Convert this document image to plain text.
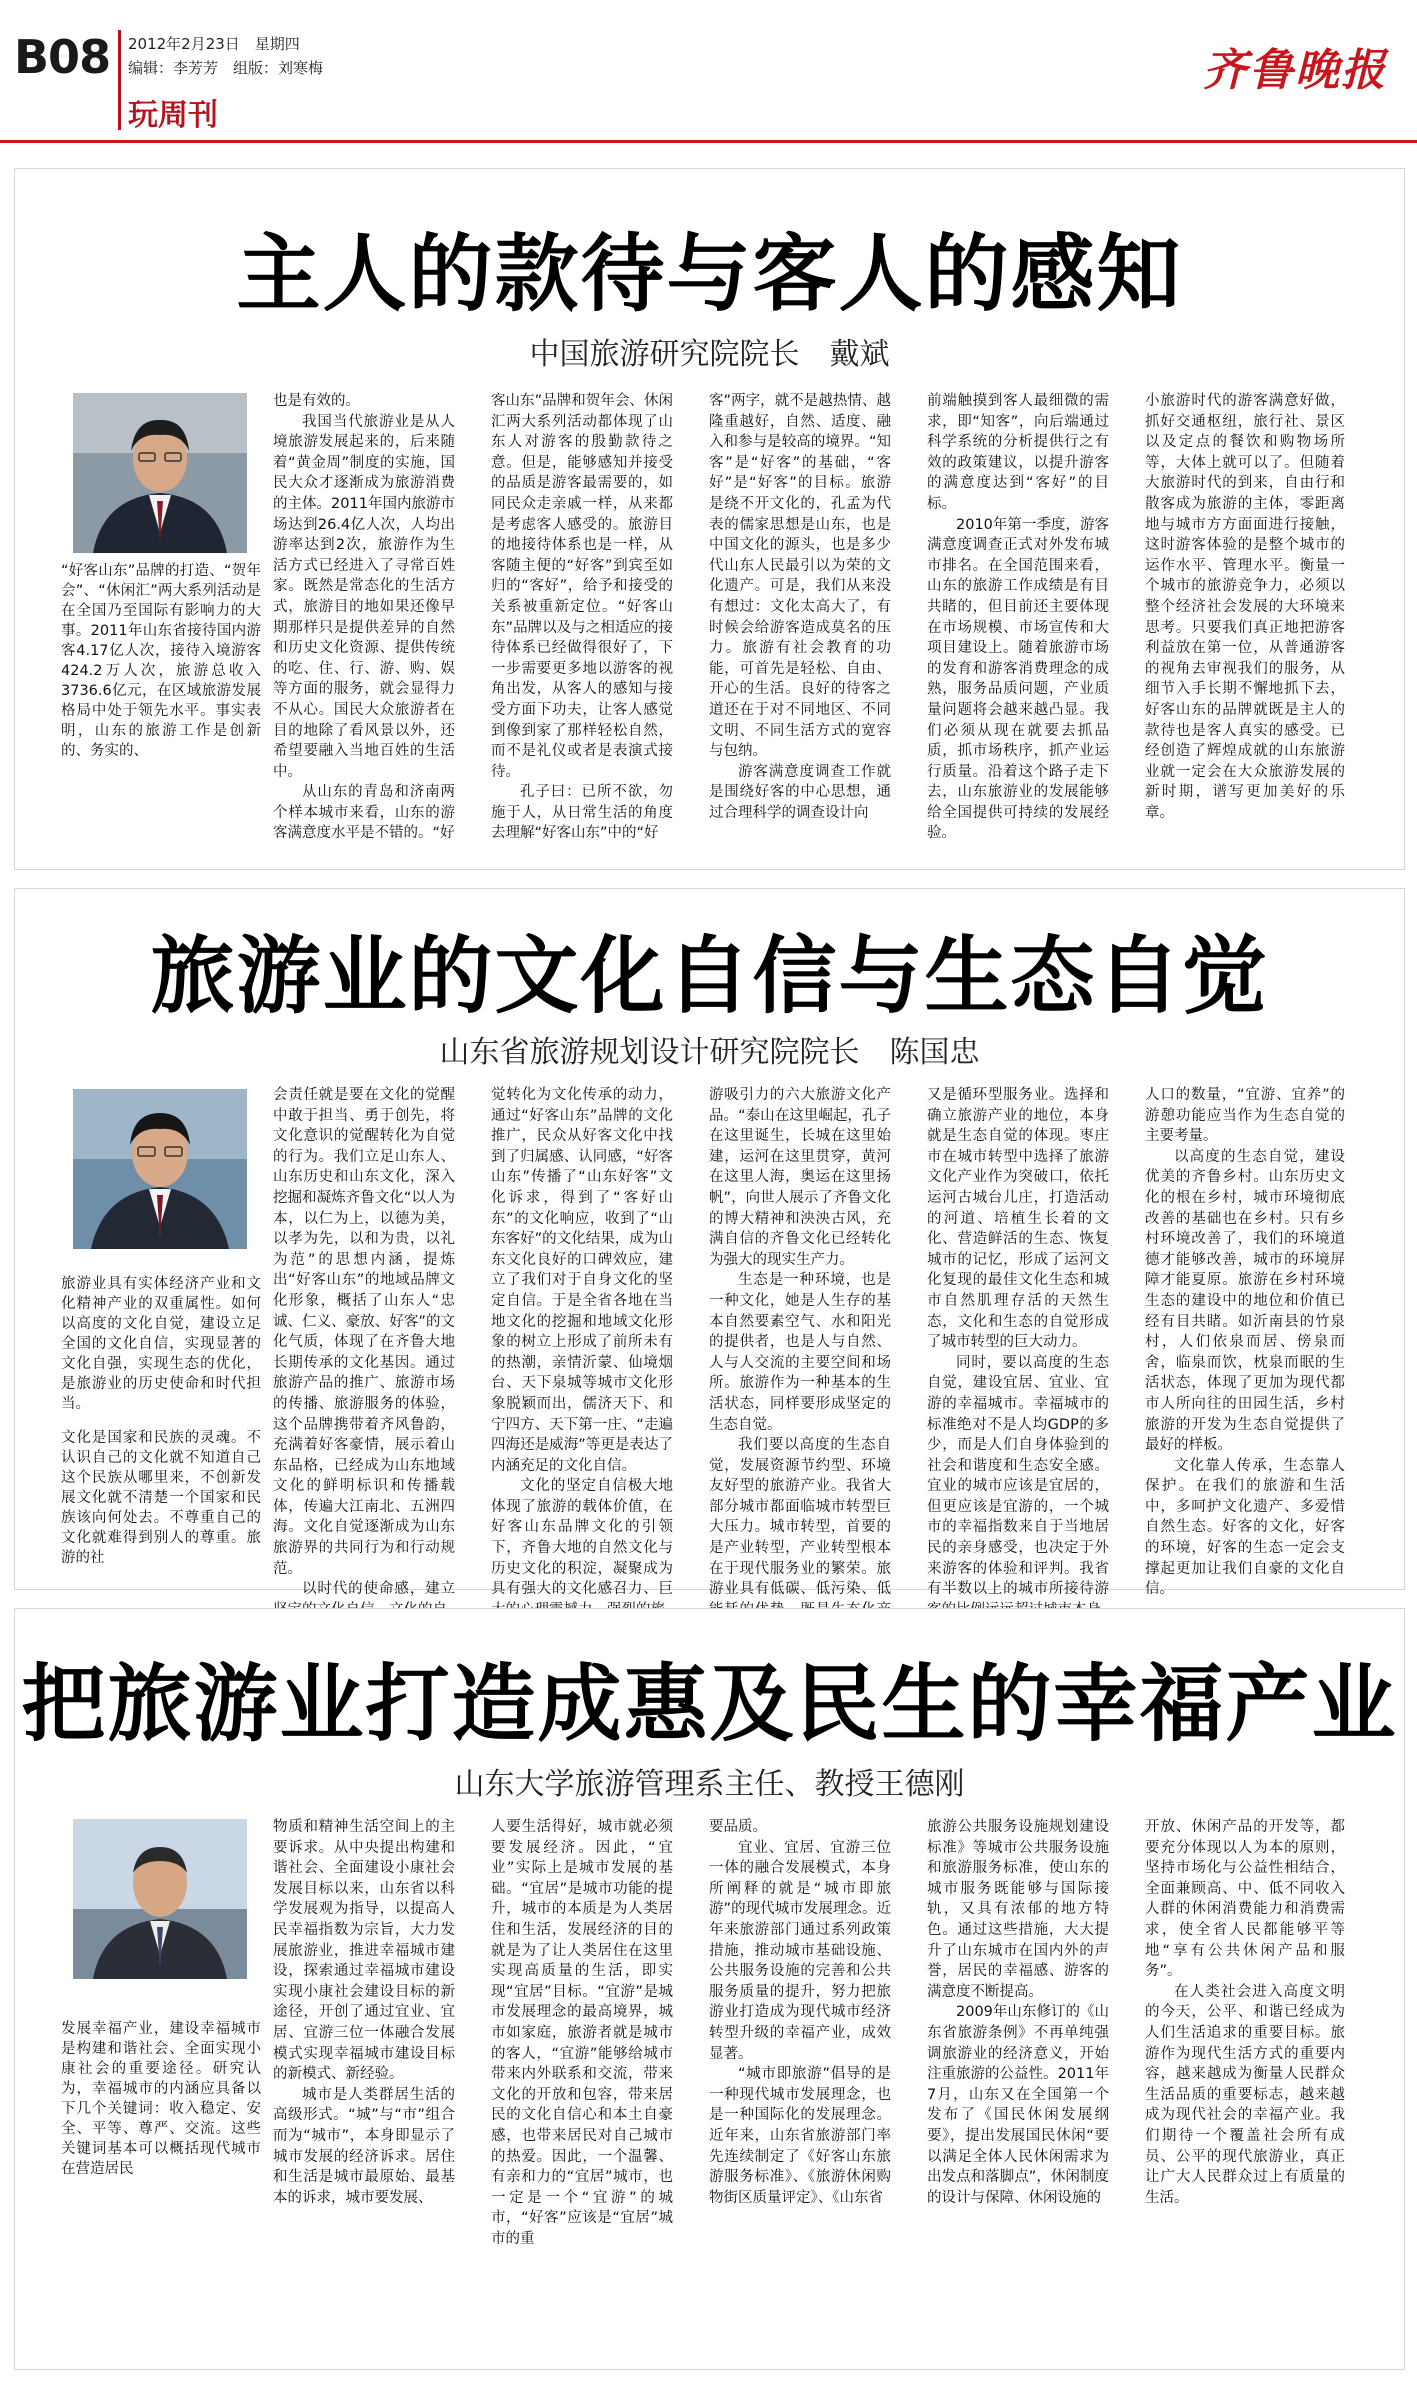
B08 2012年2月23日　星期四
编辑：李芳芳　组版：刘寒梅
玩周刊
齐鲁晚报
主人的款待与客人的感知
中国旅游研究院院长　戴斌
“好客山东”品牌的打造、“贺年会”、“休闲汇”两大系列活动是在全国乃至国际有影响力的大事。2011年山东省接待国内游客4.17亿人次，接待入境游客424.2万人次，旅游总收入3736.6亿元，在区域旅游发展格局中处于领先水平。事实表明，山东的旅游工作是创新的、务实的、

也是有效的。

我国当代旅游业是从人境旅游发展起来的，后来随着“黄金周”制度的实施，国民大众才逐渐成为旅游消费的主体。2011年国内旅游市场达到26.4亿人次，人均出游率达到2次，旅游作为生活方式已经进入了寻常百姓家。既然是常态化的生活方式，旅游目的地如果还像早期那样只是提供差异的自然和历史文化资源、提供传统的吃、住、行、游、购、娱等方面的服务，就会显得力不从心。国民大众旅游者在目的地除了看风景以外，还希望要融入当地百姓的生活中。

从山东的青岛和济南两个样本城市来看，山东的游客满意度水平是不错的。“好

客山东”品牌和贺年会、休闲汇两大系列活动都体现了山东人对游客的殷勤款待之意。但是，能够感知并接受的品质是游客最需要的，如同民众走亲戚一样，从来都是考虑客人感受的。旅游目的地接待体系也是一样，从客随主便的“好客”到宾至如归的“客好”，给予和接受的关系被重新定位。“好客山东”品牌以及与之相适应的接待体系已经做得很好了，下一步需要更多地以游客的视角出发，从客人的感知与接受方面下功夫，让客人感觉到像到家了那样轻松自然，而不是礼仪或者是表演式接待。

孔子曰：已所不欲，勿施于人，从日常生活的角度去理解“好客山东”中的“好

客”两字，就不是越热情、越隆重越好，自然、适度、融入和参与是较高的境界。“知客”是“好客”的基础，“客好”是“好客”的目标。旅游是绕不开文化的，孔孟为代表的儒家思想是山东，也是中国文化的源头，也是多少代山东人民最引以为荣的文化遗产。可是，我们从来没有想过：文化太高大了，有时候会给游客造成莫名的压力。旅游有社会教育的功能，可首先是轻松、自由、开心的生活。良好的待客之道还在于对不同地区、不同文明、不同生活方式的宽容与包纳。

游客满意度调查工作就是围绕好客的中心思想，通过合理科学的调查设计向

前端触摸到客人最细微的需求，即“知客”，向后端通过科学系统的分析提供行之有效的政策建议，以提升游客的满意度达到“客好”的目标。

2010年第一季度，游客满意度调查正式对外发布城市排名。在全国范围来看，山东的旅游工作成绩是有目共睹的，但目前还主要体现在市场规模、市场宣传和大项目建设上。随着旅游市场的发育和游客消费理念的成熟，服务品质问题，产业质量问题将会越来越凸显。我们必须从现在就要去抓品质，抓市场秩序，抓产业运行质量。沿着这个路子走下去，山东旅游业的发展能够给全国提供可持续的发展经验。

小旅游时代的游客满意好做，抓好交通枢纽，旅行社、景区以及定点的餐饮和购物场所等，大体上就可以了。但随着大旅游时代的到来，自由行和散客成为旅游的主体，零距离地与城市方方面面进行接触，这时游客体验的是整个城市的运作水平、管理水平。衡量一个城市的旅游竞争力，必须以整个经济社会发展的大环境来思考。只要我们真正地把游客利益放在第一位，从普通游客的视角去审视我们的服务，从细节入手长期不懈地抓下去，好客山东的品牌就既是主人的款待也是客人真实的感受。已经创造了辉煌成就的山东旅游业就一定会在大众旅游发展的新时期，谱写更加美好的乐章。

旅游业的文化自信与生态自觉
山东省旅游规划设计研究院院长　陈国忠

旅游业具有实体经济产业和文化精神产业的双重属性。如何以高度的文化自觉，建设立足全国的文化自信，实现显著的文化自强，实现生态的优化，是旅游业的历史使命和时代担当。

文化是国家和民族的灵魂。不认识自己的文化就不知道自己这个民族从哪里来，不创新发展文化就不清楚一个国家和民族该向何处去。不尊重自己的文化就难得到别人的尊重。旅游的社

会责任就是要在文化的觉醒中敢于担当、勇于创先，将文化意识的觉醒转化为自觉的行为。我们立足山东人、山东历史和山东文化，深入挖掘和凝炼齐鲁文化“以人为本，以仁为上，以德为美，以孝为先，以和为贵，以礼为范”的思想内涵，提炼出“好客山东”的地域品牌文化形象，概括了山东人“忠诚、仁义、豪放、好客”的文化气质，体现了在齐鲁大地长期传承的文化基因。通过旅游产品的推广、旅游市场的传播、旅游服务的体验，这个品牌携带着齐风鲁韵，充满着好客豪情，展示着山东品格，已经成为山东地域文化的鲜明标识和传播载体，传遍大江南北、五洲四海。文化自觉逐渐成为山东旅游界的共同行为和行动规范。

以时代的使命感，建立

觉转化为文化传承的动力，通过“好客山东”品牌的文化推广，民众从好客文化中找到了归属感、认同感，“好客山东”传播了“山东好客”文化诉求，得到了“客好山东”的文化响应，收到了“山东客好”的文化结果，成为山东文化良好的口碑效应，建立了我们对于自身文化的坚定自信。于是全省各地在当地文化的挖掘和地域文化形象的树立上形成了前所未有的热潮，亲情沂蒙、仙境烟台、天下泉城等城市文化形象脱颖而出，儒济天下、和宁四方、天下第一庄、“走遍四海还是威海”等更是表达了内涵充足的文化自信。

文化的坚定自信极大地体现了旅游的载体价值，在好客山东品牌文化的引领下，齐鲁大地的自然文化与历史文化的积淀，凝聚成为具有强大的文化感召力、巨

游吸引力的六大旅游文化产品。“泰山在这里崛起，孔子在这里诞生，长城在这里始建，运河在这里贯穿，黄河在这里人海，奥运在这里扬帆”，向世人展示了齐鲁文化的博大精神和泱泱古风，充满自信的齐鲁文化已经转化为强大的现实生产力。

生态是一种环境，也是一种文化，她是人生存的基本自然要素空气、水和阳光的提供者，也是人与自然、人与人交流的主要空间和场所。旅游作为一种基本的生活状态，同样要形成坚定的生态自觉。

我们要以高度的生态自觉，发展资源节约型、环境友好型的旅游产业。我省大部分城市都面临城市转型巨大压力。城市转型，首要的是产业转型，产业转型根本在于现代服务业的繁荣。旅游业具有低碳、低污染、低

又是循环型服务业。选择和确立旅游产业的地位，本身就是生态自觉的体现。枣庄市在城市转型中选择了旅游文化产业作为突破口，依托运河古城台儿庄，打造活动的河道、培植生长着的文化、营造鲜活的生态、恢复城市的记忆，形成了运河文化复现的最佳文化生态和城市自然肌理存活的天然生态，文化和生态的自觉形成了城市转型的巨大动力。

同时，要以高度的生态自觉，建设宜居、宜业、宜游的幸福城市。幸福城市的标准绝对不是人均GDP的多少，而是人们自身体验到的社会和谐度和生态安全感。宜业的城市应该是宜居的，但更应该是宜游的，一个城市的幸福指数来自于当地居民的亲身感受，也决定于外来游客的体验和评判。我省有半数以上的城市所接待游

人口的数量，“宜游、宜养”的游憩功能应当作为生态自觉的主要考量。

以高度的生态自觉，建设优美的齐鲁乡村。山东历史文化的根在乡村，城市环境彻底改善的基础也在乡村。只有乡村环境改善了，我们的环境道德才能够改善，城市的环境屏障才能夏原。旅游在乡村环境生态的建设中的地位和价值已经有目共睹。如沂南县的竹泉村，人们依泉而居、傍泉而舍，临泉而饮，枕泉而眠的生活状态，体现了更加为现代都市人所向往的田园生活，乡村旅游的开发为生态自觉提供了最好的样板。

文化靠人传承，生态靠人保护。在我们的旅游和生活中，多呵护文化遗产、多爱惜自然生态。好客的文化，好客的环境，好客的生态一定会支撑起更加让我们自豪的文化自信。

把旅游业打造成惠及民生的幸福产业
山东大学旅游管理系主任、教授王德刚
发展幸福产业，建设幸福城市是构建和谐社会、全面实现小康社会的重要途径。研究认为，幸福城市的内涵应具备以下几个关键词：收入稳定、安全、平等、尊严、交流。这些关键词基本可以概括现代城市在营造居民

物质和精神生活空间上的主要诉求。从中央提出构建和谐社会、全面建设小康社会发展目标以来，山东省以科学发展观为指导，以提高人民幸福指数为宗旨，大力发展旅游业，推进幸福城市建设，探索通过幸福城市建设实现小康社会建设目标的新途径，开创了通过宜业、宜居、宜游三位一体融合发展模式实现幸福城市建设目标的新模式、新经验。

城市是人类群居生活的高级形式。“城”与“市”组合而为“城市”，本身即显示了城市发展的经济诉求。居住和生活是城市最原始、最基本的诉求，城市要发展、

人要生活得好，城市就必须要发展经济。因此，“宜业”实际上是城市发展的基础。“宜居”是城市功能的提升，城市的本质是为人类居住和生活，发展经济的目的就是为了让人类居住在这里实现高质量的生活，即实现“宜居”目标。“宜游”是城市发展理念的最高境界，城市如家庭，旅游者就是城市的客人，“宜游”能够给城市带来内外联系和交流，带来文化的开放和包容，带来居民的文化自信心和本土自豪感，也带来居民对自己城市的热爱。因此，一个温馨、有亲和力的“宜居”城市，也一定是一个“宜游”的城市，“好客”应该是“宜居”城市的重

要品质。

宜业、宜居、宜游三位一体的融合发展模式，本身所阐释的就是“城市即旅游”的现代城市发展理念。近年来旅游部门通过系列政策措施，推动城市基础设施、公共服务设施的完善和公共服务质量的提升，努力把旅游业打造成为现代城市经济转型升级的幸福产业，成效显著。

“城市即旅游”倡导的是一种现代城市发展理念，也是一种国际化的发展理念。近年来，山东省旅游部门率先连续制定了《好客山东旅游服务标准》、《旅游休闲购物街区质量评定》、《山东省

旅游公共服务设施规划建设标准》等城市公共服务设施和旅游服务标准，使山东的城市服务既能够与国际接轨，又具有浓郁的地方特色。通过这些措施，大大提升了山东城市在国内外的声誉，居民的幸福感、游客的满意度不断提高。

2009年山东修订的《山东省旅游条例》不再单纯强调旅游业的经济意义，开始注重旅游的公益性。2011年7月，山东又在全国第一个发布了《国民休闲发展纲要》，提出发展国民休闲“要以满足全体人民休闲需求为出发点和落脚点”，休闲制度的设计与保障、休闲设施的

开放、休闲产品的开发等，都要充分体现以人为本的原则，坚持市场化与公益性相结合，全面兼顾高、中、低不同收入人群的休闲消费能力和消费需求，使全省人民都能够平等地“享有公共休闲产品和服务”。

在人类社会进入高度文明的今天，公平、和谐已经成为人们生活追求的重要目标。旅游作为现代生活方式的重要内容，越来越成为衡量人民群众生活品质的重要标志，越来越成为现代社会的幸福产业。我们期待一个覆盖社会所有成员、公平的现代旅游业，真正让广大人民群众过上有质量的生活。
